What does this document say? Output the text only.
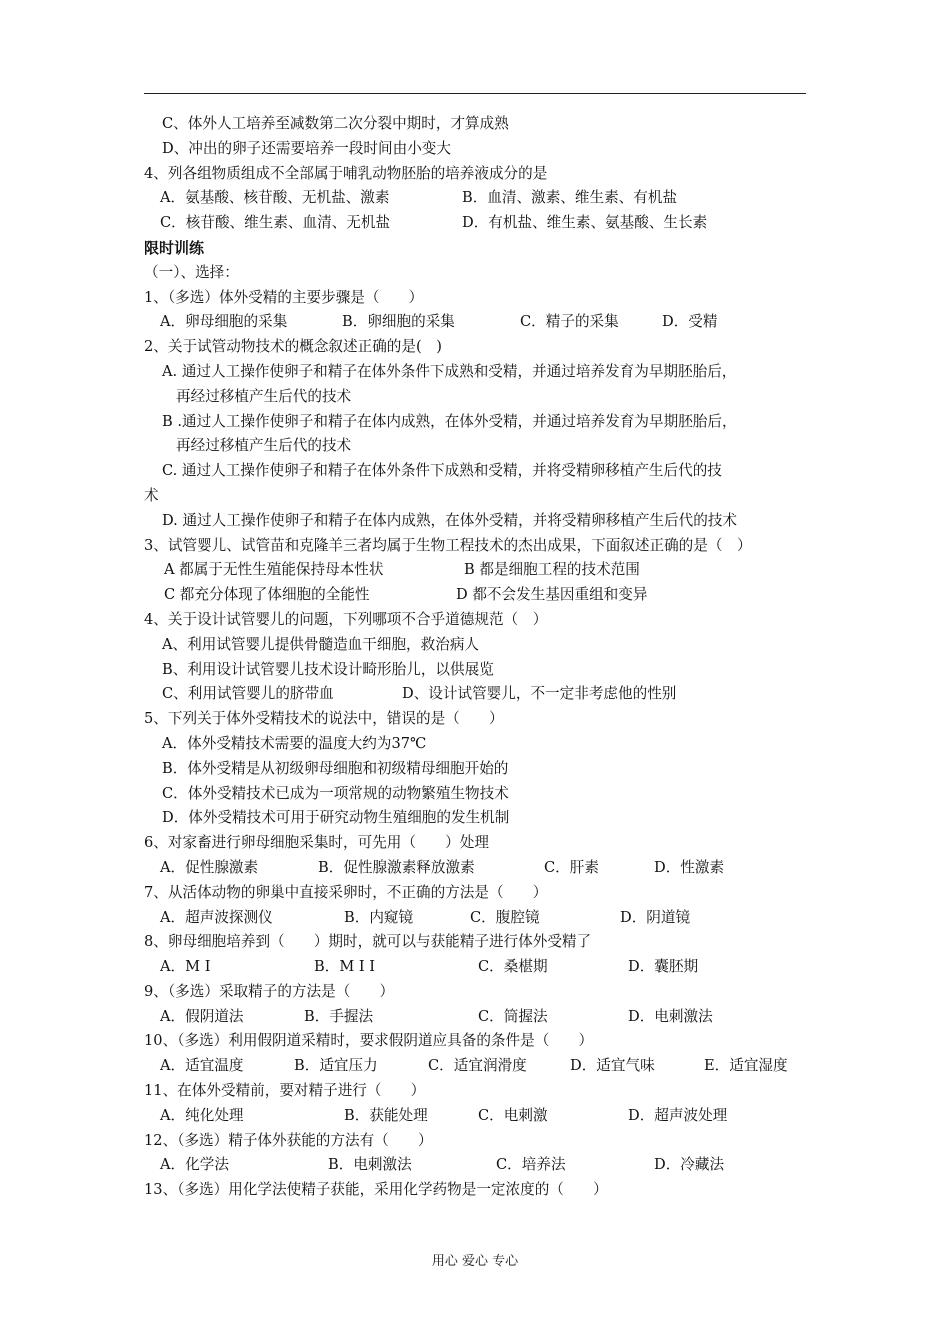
C、体外人工培养至减数第二次分裂中期时，才算成熟
D、冲出的卵子还需要培养一段时间由小变大
4、列各组物质组成不全部属于哺乳动物胚胎的培养液成分的是
A．氨基酸、核苷酸、无机盐、激素	B．血清、激素、维生素、有机盐
C．核苷酸、维生素、血清、无机盐	D．有机盐、维生素、氨基酸、生长素
限时训练
（一）、选择：
1、（多选）体外受精的主要步骤是（　　）
A．卵母细胞的采集	B．卵细胞的采集	C．精子的采集	D．受精
2、关于试管动物技术的概念叙述正确的是(　)
A. 通过人工操作使卵子和精子在体外条件下成熟和受精，并通过培养发育为早期胚胎后，
再经过移植产生后代的技术
B .通过人工操作使卵子和精子在体内成熟，在体外受精，并通过培养发育为早期胚胎后，
再经过移植产生后代的技术
C. 通过人工操作使卵子和精子在体外条件下成熟和受精，并将受精卵移植产生后代的技
术
D. 通过人工操作使卵子和精子在体内成熟，在体外受精，并将受精卵移植产生后代的技术
3、试管婴儿、试管苗和克隆羊三者均属于生物工程技术的杰出成果，下面叙述正确的是（　）
A 都属于无性生殖能保持母本性状	B 都是细胞工程的技术范围
C 都充分体现了体细胞的全能性	D 都不会发生基因重组和变异
4、关于设计试管婴儿的问题，下列哪项不合乎道德规范（　）
A、利用试管婴儿提供骨髓造血干细胞，救治病人
B、利用设计试管婴儿技术设计畸形胎儿，以供展览
C、利用试管婴儿的脐带血	D、设计试管婴儿，不一定非考虑他的性别
5、下列关于体外受精技术的说法中，错误的是（　　）
A．体外受精技术需要的温度大约为37℃
B．体外受精是从初级卵母细胞和初级精母细胞开始的
C．体外受精技术已成为一项常规的动物繁殖生物技术
D．体外受精技术可用于研究动物生殖细胞的发生机制
6、对家畜进行卵母细胞采集时，可先用（　　）处理
A．促性腺激素	B．促性腺激素释放激素	C．肝素	D．性激素
7、从活体动物的卵巢中直接采卵时，不正确的方法是（　　）
A．超声波探测仪	B．内窥镜	C．腹腔镜	D．阴道镜
8、卵母细胞培养到（　　）期时，就可以与获能精子进行体外受精了
A．M I	B．M I I	C．桑椹期	D．囊胚期
9、（多选）采取精子的方法是（　　）
A．假阴道法	B．手握法	C．筒握法	D．电刺激法
10、（多选）利用假阴道采精时，要求假阴道应具备的条件是（　　）
A．适宜温度	B．适宜压力	C．适宜润滑度	D．适宜气味	E．适宜湿度
11、在体外受精前，要对精子进行（　　）
A．纯化处理	B．获能处理	C．电刺激	D．超声波处理
12、（多选）精子体外获能的方法有（　　）
A．化学法	B．电刺激法	C．培养法	D．冷藏法
13、（多选）用化学法使精子获能，采用化学药物是一定浓度的（　　）
用心 爱心 专心
